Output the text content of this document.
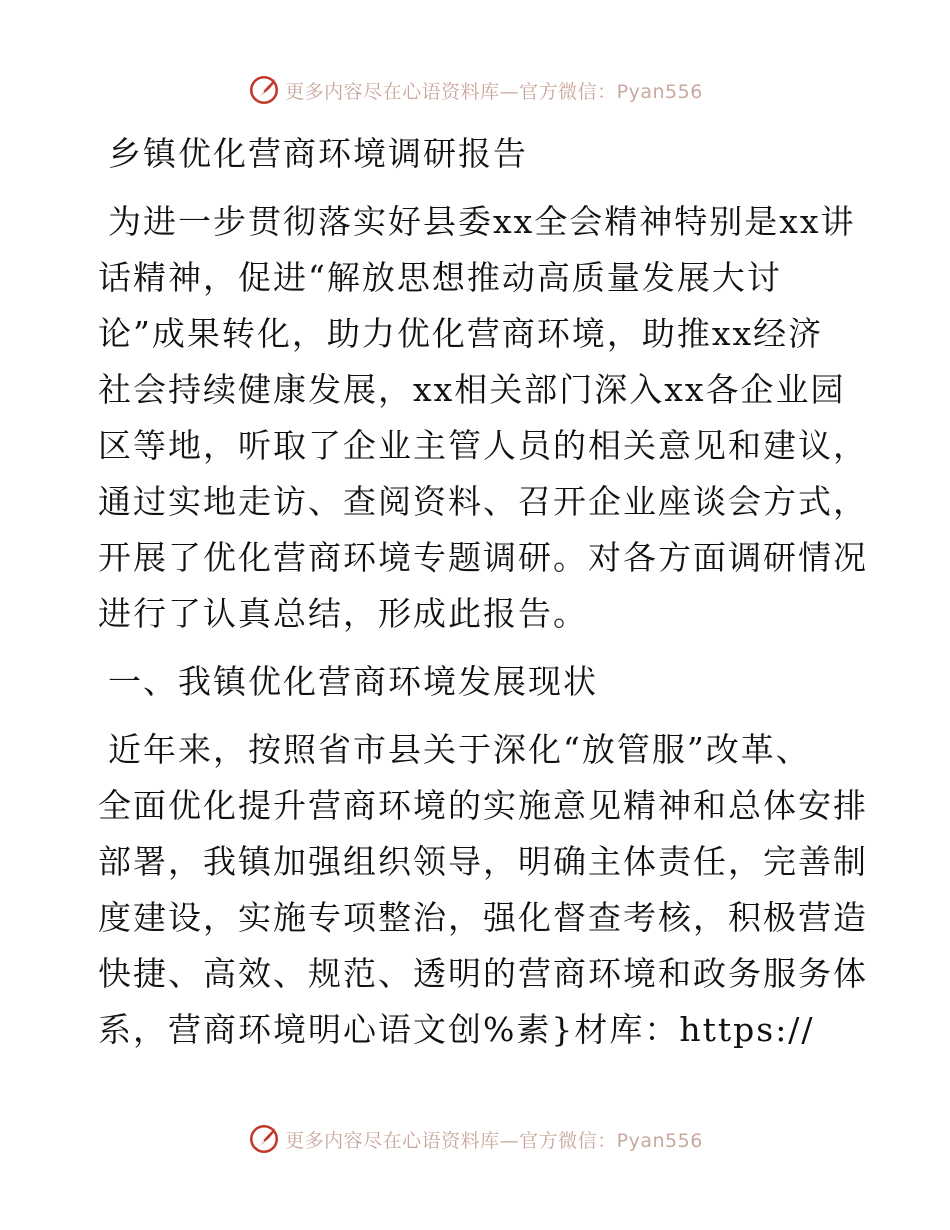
更多内容尽在心语资料库—官方微信：Pyan556
乡镇优化营商环境调研报告
为进一步贯彻落实好县委xx全会精神特别是xx讲
话精神，促进“解放思想推动高质量发展大讨
论”成果转化，助力优化营商环境，助推xx经济
社会持续健康发展，xx相关部门深入xx各企业园
区等地，听取了企业主管人员的相关意见和建议，
通过实地走访、查阅资料、召开企业座谈会方式，
开展了优化营商环境专题调研。对各方面调研情况
进行了认真总结，形成此报告。
一、我镇优化营商环境发展现状
近年来，按照省市县关于深化“放管服”改革、
全面优化提升营商环境的实施意见精神和总体安排
部署，我镇加强组织领导，明确主体责任，完善制
度建设，实施专项整治，强化督查考核，积极营造
快捷、高效、规范、透明的营商环境和政务服务体
系，营商环境明心语文创%素}材库：https://
更多内容尽在心语资料库—官方微信：Pyan556
